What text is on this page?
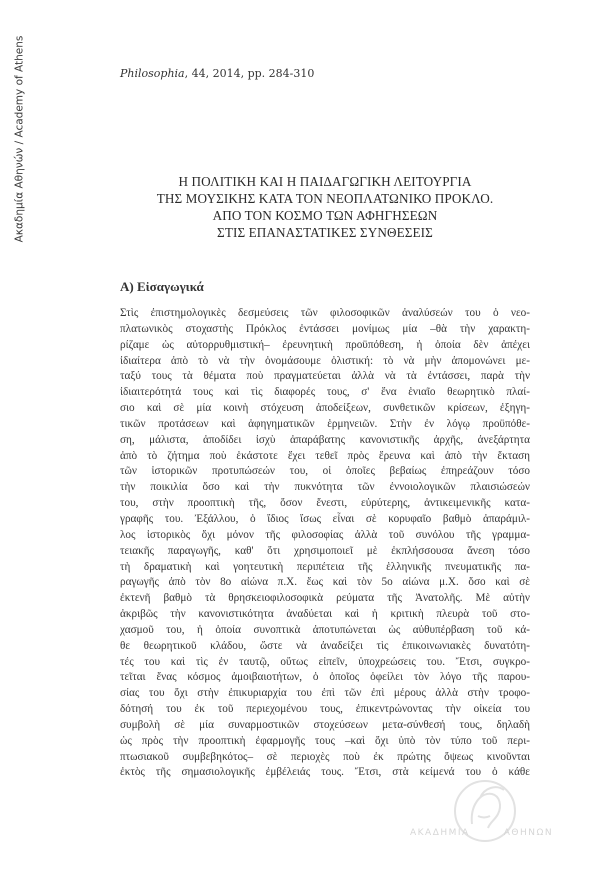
Ακαδημία Αθηνών / Academy of Athens	Philosophia, 44, 2014, pp. 284-310
Η ΠΟΛΙΤΙΚΗ ΚΑΙ Η ΠΑΙΔΑΓΩΓΙΚΗ ΛΕΙΤΟΥΡΓΙΑ
ΤΗΣ ΜΟΥΣΙΚΗΣ ΚΑΤΑ ΤΟΝ ΝΕΟΠΛΑΤΩΝΙΚΟ ΠΡΟΚΛΟ.
ΑΠΟ ΤΟΝ ΚΟΣΜΟ ΤΩΝ ΑΦΗΓΗΣΕΩΝ
ΣΤΙΣ ΕΠΑΝΑΣΤΑΤΙΚΕΣ ΣΥΝΘΕΣΕΙΣ
Α) Εἰσαγωγικά
Στὶς ἐπιστημολογικὲς δεσμεύσεις τῶν φιλοσοφικῶν ἀναλύσεών του ὁ νεο-
πλατωνικὸς στοχαστὴς Πρόκλος ἐντάσσει μονίμως μία –θὰ τὴν χαρακτη-
ρίζαμε ὡς αὐτορρυθμιστική– ἐρευνητικὴ προϋπόθεση, ἡ ὁποία δὲν ἀπέχει
ἰδιαίτερα ἀπὸ τὸ νὰ τὴν ὀνομάσουμε ὁλιστική: τὸ νὰ μὴν ἀπομονώνει με-
ταξύ τους τὰ θέματα ποὺ πραγματεύεται ἀλλὰ νὰ τὰ ἐντάσσει, παρὰ τὴν
ἰδιαιτερότητά τους καὶ τὶς διαφορές τους, σ' ἕνα ἑνιαῖο θεωρητικὸ πλαί-
σιο καὶ σὲ μία κοινὴ στόχευση ἀποδείξεων, συνθετικῶν κρίσεων, ἐξηγη-
τικῶν προτάσεων καὶ ἀφηγηματικῶν ἑρμηνειῶν. Στὴν ἐν λόγῳ προϋπόθε-
ση, μάλιστα, ἀποδίδει ἰσχὺ ἀπαράβατης κανονιστικῆς ἀρχῆς, ἀνεξάρτητα
ἀπὸ τὸ ζήτημα ποὺ ἑκάστοτε ἔχει τεθεῖ πρὸς ἔρευνα καὶ ἀπὸ τὴν ἔκταση
τῶν ἱστορικῶν προτυπώσεών του, οἱ ὁποῖες βεβαίως ἐπηρεάζουν τόσο
τὴν ποικιλία ὅσο καὶ τὴν πυκνότητα τῶν ἐννοιολογικῶν πλαισιώσεών
του, στὴν προοπτικὴ τῆς, ὅσον ἔνεστι, εὐρύτερης, ἀντικειμενικῆς κατα-
γραφῆς του. Ἐξάλλου, ὁ ἴδιος ἴσως εἶναι σὲ κορυφαῖο βαθμὸ ἀπαράμιλ-
λος ἱστορικὸς ὄχι μόνον τῆς φιλοσοφίας ἀλλὰ τοῦ συνόλου τῆς γραμμα-
τειακῆς παραγωγῆς, καθ' ὅτι χρησιμοποιεῖ μὲ ἐκπλήσσουσα ἄνεση τόσο
τὴ δραματικὴ καὶ γοητευτικὴ περιπέτεια τῆς ἑλληνικῆς πνευματικῆς πα-
ραγωγῆς ἀπὸ τὸν 8ο αἰώνα π.Χ. ἕως καὶ τὸν 5ο αἰώνα μ.Χ. ὅσο καὶ σὲ
ἐκτενῆ βαθμὸ τὰ θρησκειοφιλοσοφικὰ ρεύματα τῆς Ἀνατολῆς. Μὲ αὐτὴν
ἀκριβῶς τὴν κανονιστικότητα ἀναδύεται καὶ ἡ κριτικὴ πλευρὰ τοῦ στο-
χασμοῦ του, ἡ ὁποία συνοπτικὰ ἀποτυπώνεται ὡς αὐθυπέρβαση τοῦ κά-
θε θεωρητικοῦ κλάδου, ὥστε νὰ ἀναδείξει τὶς ἐπικοινωνιακὲς δυνατότη-
τές του καὶ τὶς ἐν ταυτῷ, οὕτως εἰπεῖν, ὑποχρεώσεις του. Ἔτσι, συγκρο-
τεῖται ἕνας κόσμος ἀμοιβαιοτήτων, ὁ ὁποῖος ὀφείλει τὸν λόγο τῆς παρου-
σίας του ὄχι στὴν ἐπικυριαρχία του ἐπὶ τῶν ἐπὶ μέρους ἀλλὰ στὴν τροφο-
δότησή του ἐκ τοῦ περιεχομένου τους, ἐπικεντρώνοντας τὴν οἰκεία του
συμβολὴ σὲ μία συναρμοστικῶν στοχεύσεων μετα-σύνθεσή τους, δηλαδὴ
ὡς πρὸς τὴν προοπτικὴ ἐφαρμογῆς τους –καὶ ὄχι ὑπὸ τὸν τύπο τοῦ περι-
πτωσιακοῦ συμβεβηκότος– σὲ περιοχὲς ποὺ ἐκ πρώτης ὄψεως κινοῦνται
ἐκτὸς τῆς σημασιολογικῆς ἐμβέλειάς τους. Ἔτσι, στὰ κείμενά του ὁ κάθε
ΑΚΑΔΗΜΙΑ	ΑΘΗΝΩΝ
